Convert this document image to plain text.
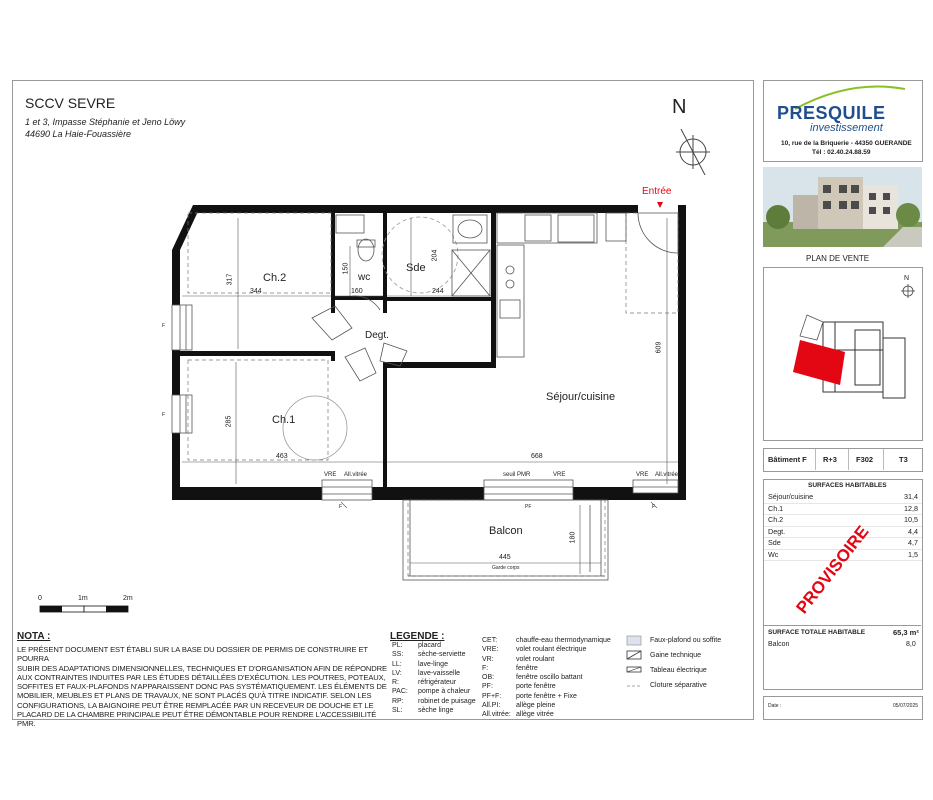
SCCV SEVRE
1 et 3, Impasse Stéphanie et Jeno Löwy
44690 La Haie-Fouassière
N
Entrée
Ch.2
Ch.1
wc
Sde
Degt.
Séjour/cuisine
Balcon
317
344
150
160
204
244
609
285
463	668
180
445
VRE All.vitrée	seuil PMR	VRE	VRE All.vitrée
Garde corps
F
F
F	PF	F
0	1m	2m
NOTA :
LE PRÉSENT DOCUMENT EST ÉTABLI SUR LA BASE DU DOSSIER DE PERMIS DE CONSTRUIRE ET POURRA
SUBIR DES ADAPTATIONS DIMENSIONNELLES, TECHNIQUES ET D'ORGANISATION AFIN DE RÉPONDRE
AUX CONTRAINTES INDUITES PAR LES ÉTUDES DÉTAILLÉES D'EXÉCUTION. LES POUTRES, POTEAUX,
SOFFITES ET FAUX-PLAFONDS N'APPARAISSENT DONC PAS SYSTÉMATIQUEMENT. LES ÉLÉMENTS DE
MOBILIER, MEUBLES ET PLANS DE TRAVAUX, NE SONT PLACÉS QU'À TITRE INDICATIF. SELON LES
CONFIGURATIONS, LA BAIGNOIRE PEUT ÊTRE REMPLACÉE PAR UN RECEVEUR DE DOUCHE ET LE
PLACARD DE LA CHAMBRE PRINCIPALE PEUT ÊTRE DÉMONTABLE POUR RENDRE L'ACCESSIBILITÉ PMR.
LEGENDE :
PL:	placard
SS:	sèche-serviette
LL:	lave-linge
LV:	lave-vaisselle
R:	réfrigérateur
PAC:	pompe à chaleur
RP:	robinet de puisage
SL:	sèche linge
CET:	chauffe-eau thermodynamique
VRE:	volet roulant électrique
VR:	volet roulant
F:	fenêtre
OB:	fenêtre oscillo battant
PF:	porte fenêtre
PF+F:	porte fenêtre + Fixe
All.PI:	allège pleine
All.vitrée:	allège vitrée
Faux-plafond ou soffite
Gaine technique
Tableau électrique
Cloture séparative
PRESQUILE
investissement
10, rue de la Briquerie - 44350 GUERANDE
Tél : 02.40.24.88.59
PLAN DE VENTE
N
Bâtiment F R+3	F302	T3
SURFACES HABITABLES
Séjour/cuisine	31,4
Ch.1	12,8
Ch.2	10,5
Degt.	4,4
Sde	4,7
Wc	1,5
PROVISOIRE
SURFACE TOTALE HABITABLE	65,3 m²
Balcon	8,0
Date :	05/07/2025
